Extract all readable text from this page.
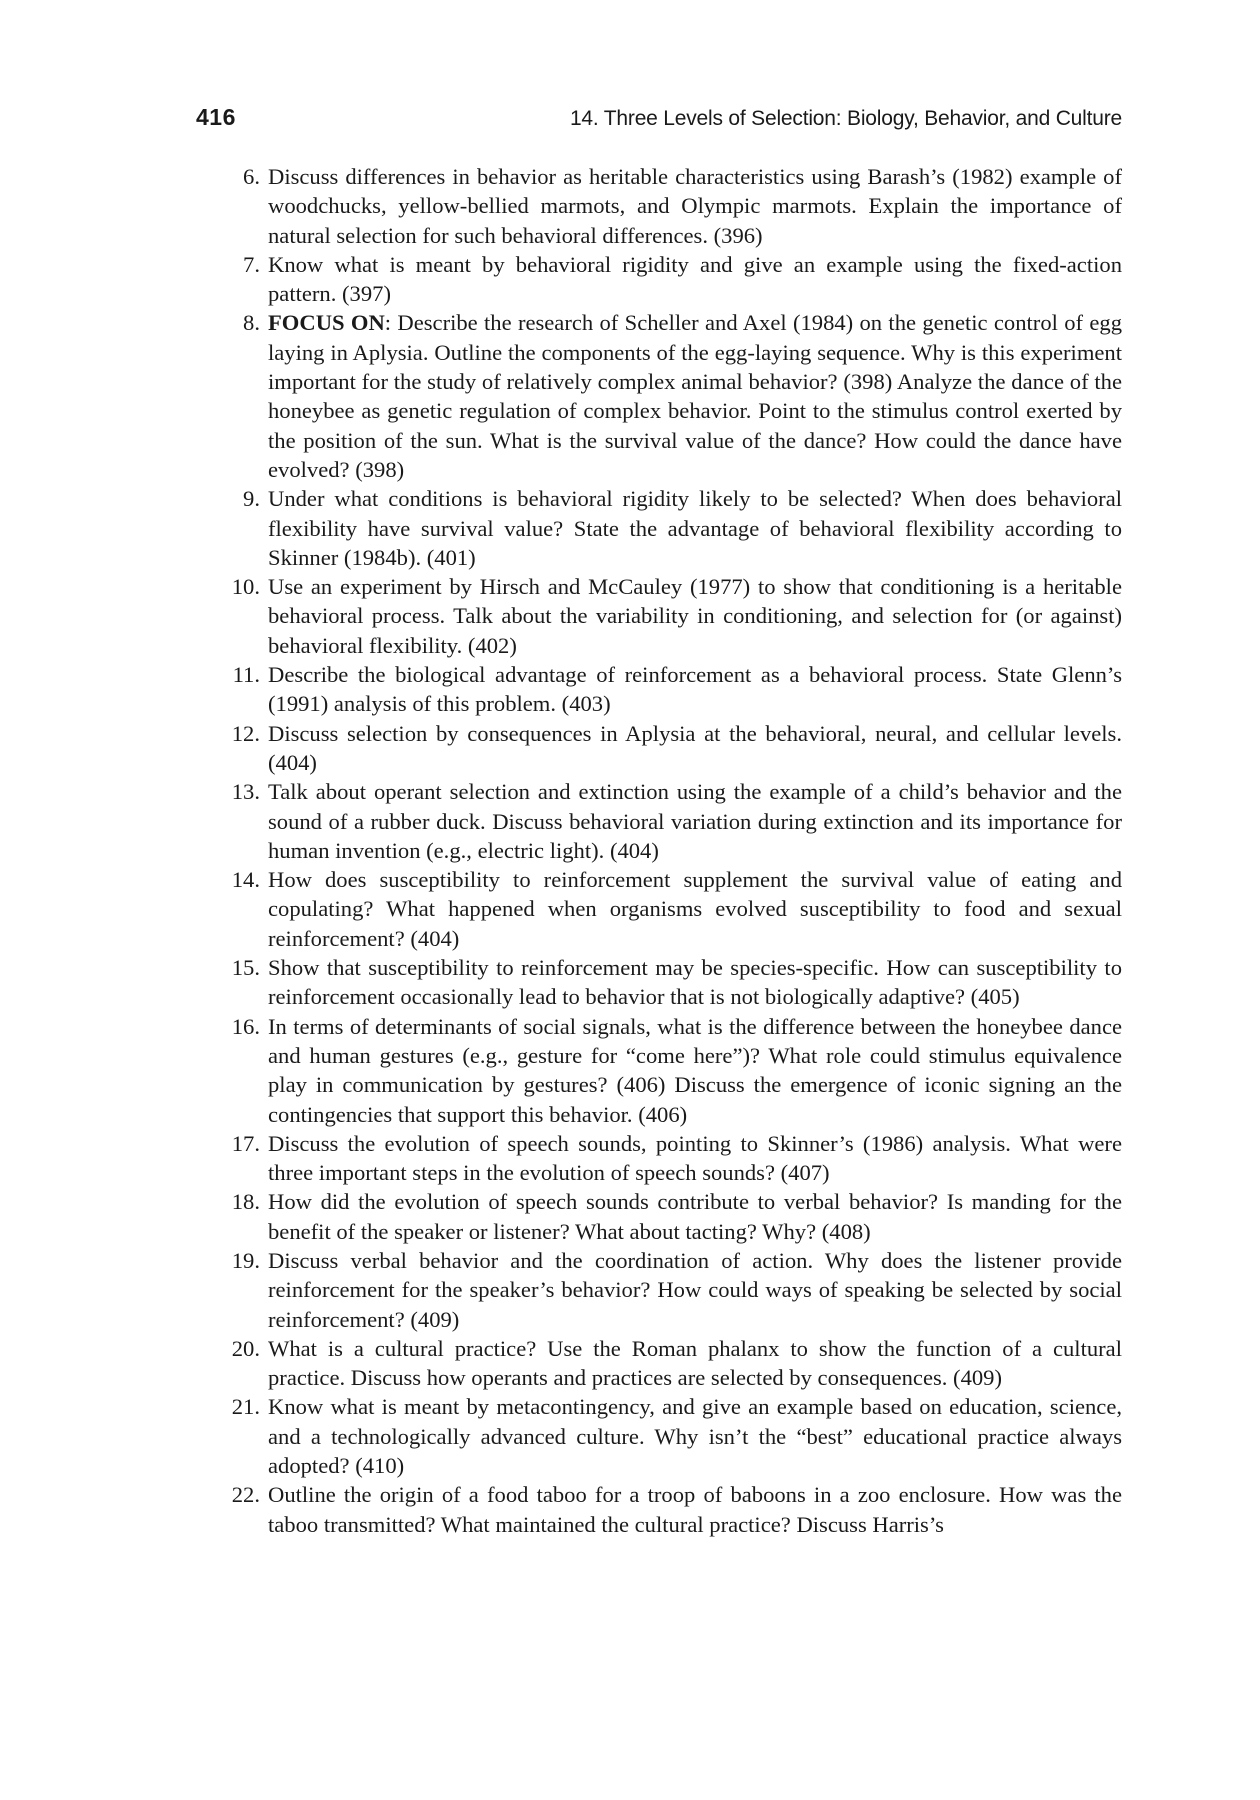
416	14. Three Levels of Selection: Biology, Behavior, and Culture
6. Discuss differences in behavior as heritable characteristics using Barash’s (1982) example of woodchucks, yellow-bellied marmots, and Olympic marmots. Explain the importance of natural selection for such behavioral differences. (396)
7. Know what is meant by behavioral rigidity and give an example using the fixed-action pattern. (397)
8. FOCUS ON: Describe the research of Scheller and Axel (1984) on the genetic control of egg laying in Aplysia. Outline the components of the egg-laying sequence. Why is this experiment important for the study of relatively complex animal behavior? (398) Analyze the dance of the honeybee as genetic regulation of complex behavior. Point to the stimulus control exerted by the position of the sun. What is the survival value of the dance? How could the dance have evolved? (398)
9. Under what conditions is behavioral rigidity likely to be selected? When does behavioral flexibility have survival value? State the advantage of behavioral flexibility according to Skinner (1984b). (401)
10. Use an experiment by Hirsch and McCauley (1977) to show that conditioning is a heritable behavioral process. Talk about the variability in conditioning, and selection for (or against) behavioral flexibility. (402)
11. Describe the biological advantage of reinforcement as a behavioral process. State Glenn’s (1991) analysis of this problem. (403)
12. Discuss selection by consequences in Aplysia at the behavioral, neural, and cellular levels. (404)
13. Talk about operant selection and extinction using the example of a child’s behavior and the sound of a rubber duck. Discuss behavioral variation during extinction and its importance for human invention (e.g., electric light). (404)
14. How does susceptibility to reinforcement supplement the survival value of eating and copulating? What happened when organisms evolved susceptibility to food and sexual reinforcement? (404)
15. Show that susceptibility to reinforcement may be species-specific. How can susceptibility to reinforcement occasionally lead to behavior that is not biologically adaptive? (405)
16. In terms of determinants of social signals, what is the difference between the honeybee dance and human gestures (e.g., gesture for “come here”)? What role could stimulus equivalence play in communication by gestures? (406) Discuss the emergence of iconic signing an the contingencies that support this behavior. (406)
17. Discuss the evolution of speech sounds, pointing to Skinner’s (1986) analysis. What were three important steps in the evolution of speech sounds? (407)
18. How did the evolution of speech sounds contribute to verbal behavior? Is manding for the benefit of the speaker or listener? What about tacting? Why? (408)
19. Discuss verbal behavior and the coordination of action. Why does the listener provide reinforcement for the speaker’s behavior? How could ways of speaking be selected by social reinforcement? (409)
20. What is a cultural practice? Use the Roman phalanx to show the function of a cultural practice. Discuss how operants and practices are selected by consequences. (409)
21. Know what is meant by metacontingency, and give an example based on education, science, and a technologically advanced culture. Why isn’t the “best” educational practice always adopted? (410)
22. Outline the origin of a food taboo for a troop of baboons in a zoo enclosure. How was the taboo transmitted? What maintained the cultural practice? Discuss Harris’s
